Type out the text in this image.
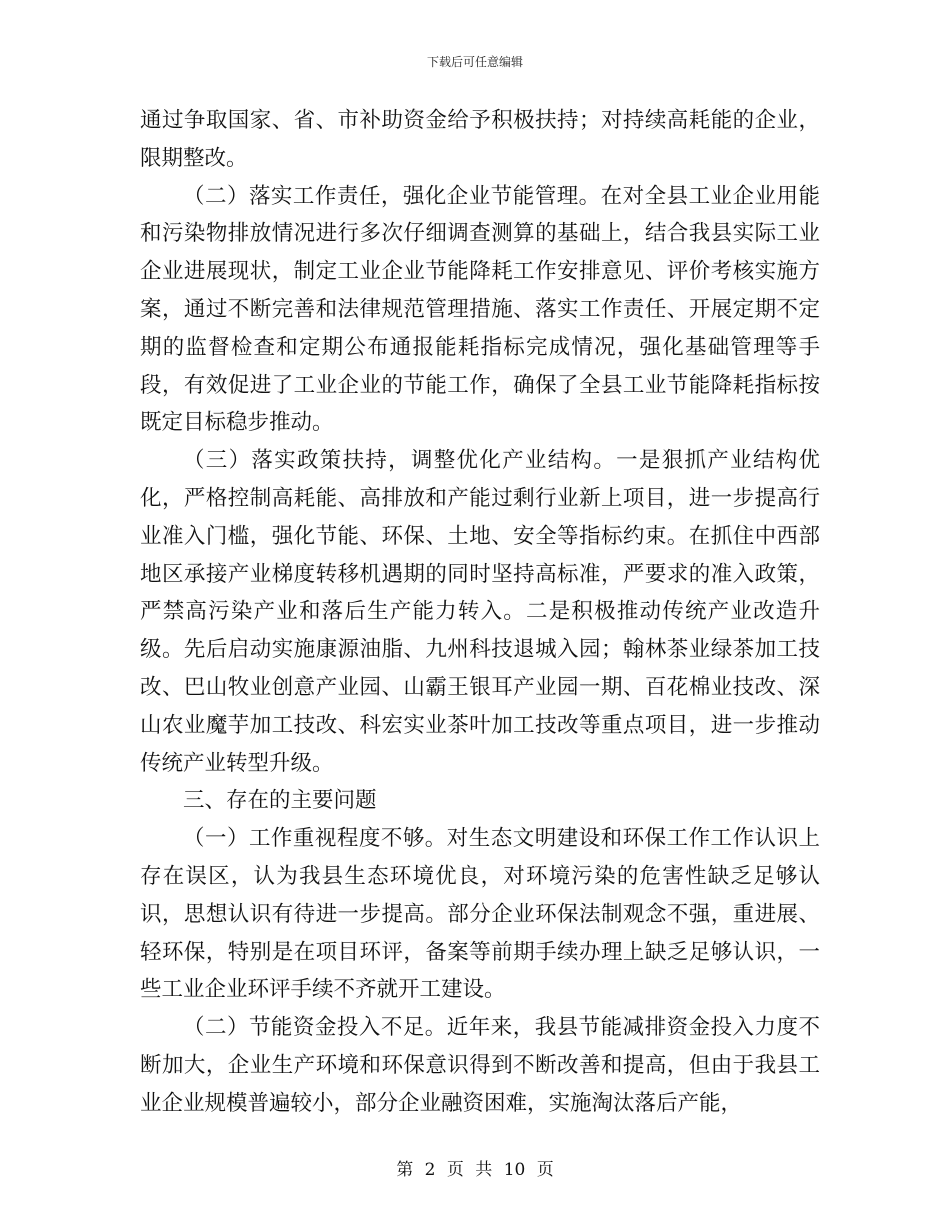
下载后可任意编辑

通过争取国家、省、市补助资金给予积极扶持；对持续高耗能的企业，限期整改。

（二）落实工作责任，强化企业节能管理。在对全县工业企业用能和污染物排放情况进行多次仔细调查测算的基础上，结合我县实际工业企业进展现状，制定工业企业节能降耗工作安排意见、评价考核实施方案，通过不断完善和法律规范管理措施、落实工作责任、开展定期不定期的监督检查和定期公布通报能耗指标完成情况，强化基础管理等手段，有效促进了工业企业的节能工作，确保了全县工业节能降耗指标按既定目标稳步推动。

（三）落实政策扶持，调整优化产业结构。一是狠抓产业结构优化，严格控制高耗能、高排放和产能过剩行业新上项目，进一步提高行业准入门槛，强化节能、环保、土地、安全等指标约束。在抓住中西部地区承接产业梯度转移机遇期的同时坚持高标准，严要求的准入政策，严禁高污染产业和落后生产能力转入。二是积极推动传统产业改造升级。先后启动实施康源油脂、九州科技退城入园；翰林茶业绿茶加工技改、巴山牧业创意产业园、山霸王银耳产业园一期、百花棉业技改、深山农业魔芋加工技改、科宏实业茶叶加工技改等重点项目，进一步推动传统产业转型升级。

三、存在的主要问题

（一）工作重视程度不够。对生态文明建设和环保工作工作认识上存在误区，认为我县生态环境优良，对环境污染的危害性缺乏足够认识，思想认识有待进一步提高。部分企业环保法制观念不强，重进展、轻环保，特别是在项目环评，备案等前期手续办理上缺乏足够认识，一些工业企业环评手续不齐就开工建设。

（二）节能资金投入不足。近年来，我县节能减排资金投入力度不断加大，企业生产环境和环保意识得到不断改善和提高，但由于我县工业企业规模普遍较小，部分企业融资困难，实施淘汰落后产能，

第 2 页 共 10 页
